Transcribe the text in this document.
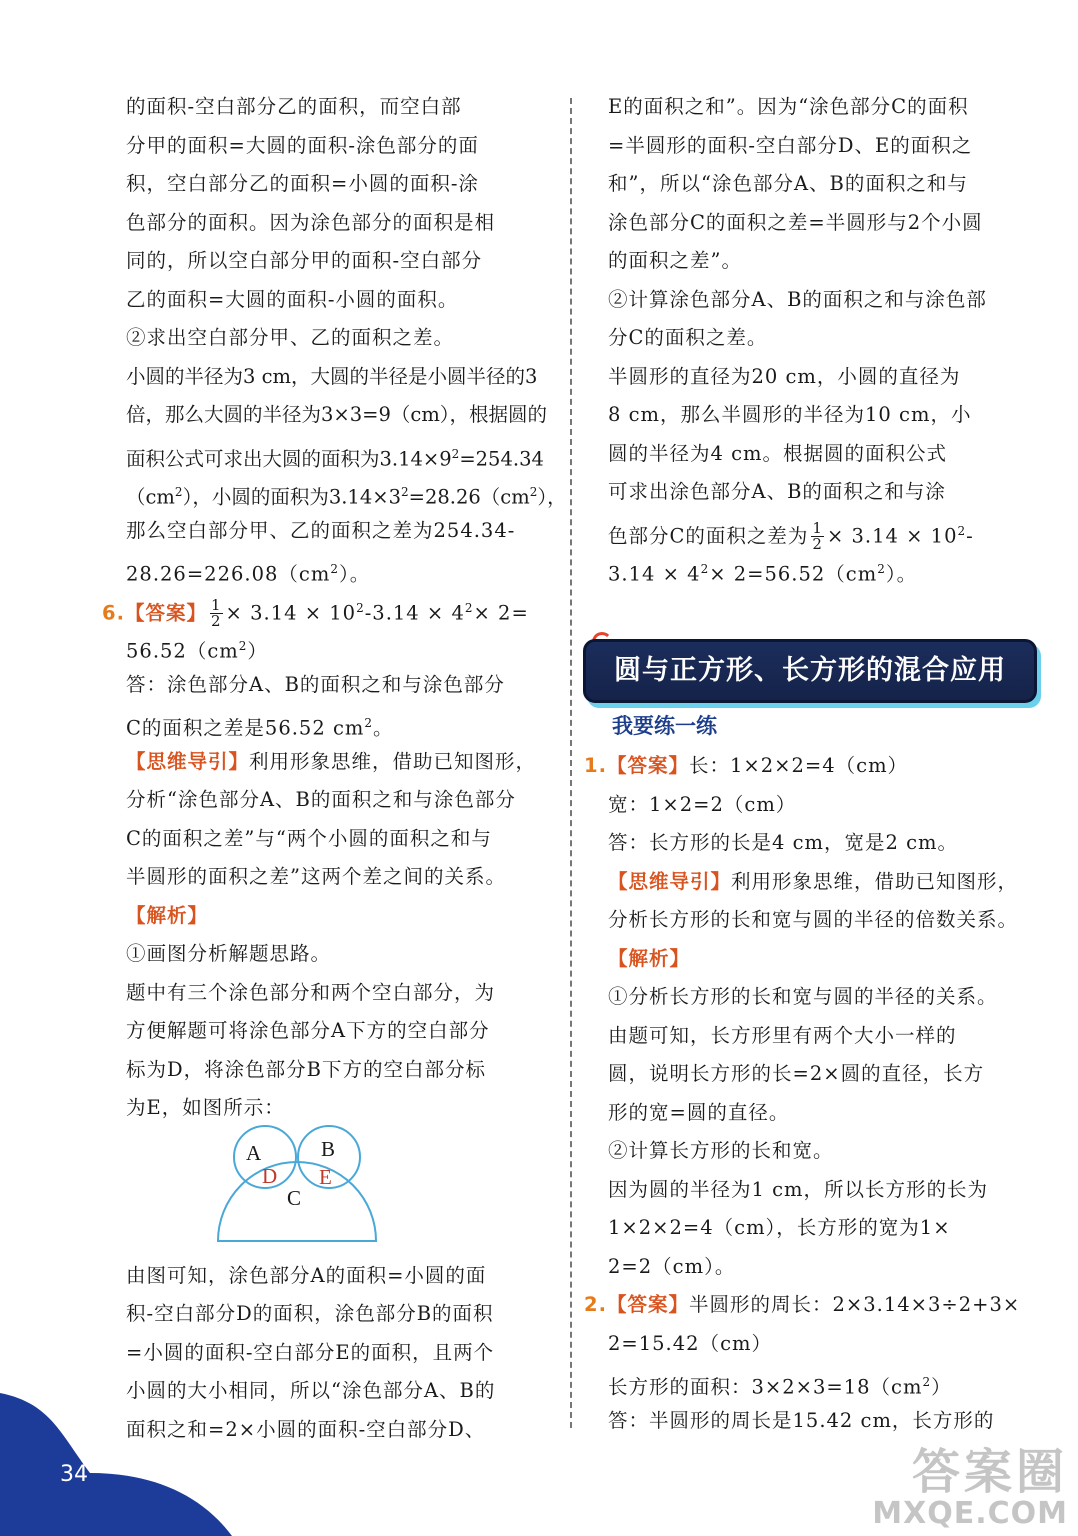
的面积-空白部分乙的面积，而空白部
分甲的面积=大圆的面积-涂色部分的面
积，空白部分乙的面积=小圆的面积-涂
色部分的面积。因为涂色部分的面积是相
同的，所以空白部分甲的面积-空白部分
乙的面积=大圆的面积-小圆的面积。
②求出空白部分甲、乙的面积之差。
小圆的半径为3 cm，大圆的半径是小圆半径的3
倍，那么大圆的半径为3×3=9（cm），根据圆的
面积公式可求出大圆的面积为$3.14\times 9^2=254.34$
$(cm^2)$，小圆的面积为$3.14\times 3^2=28.26(cm^2)$，
那么空白部分甲、乙的面积之差为254.34-
$28.26=226.08(cm^2)$。
6.【答案】 $\frac{1}{2} \times 3.14 \times 10^2-3.14 \times 4^2\times 2=$
$56.52(cm^2)$
答：涂色部分A、B的面积之和与涂色部分
C的面积之差是56.52 $cm^2$。
【思维导引】利用形象思维，借助已知图形，
分析“涂色部分A、B的面积之和与涂色部分
C的面积之差”与“两个小圆的面积之和与
半圆形的面积之差”这两个差之间的关系。
【解析】
①画图分析解题思路。
题中有三个涂色部分和两个空白部分，为
方便解题可将涂色部分A下方的空白部分
标为D，将涂色部分B下方的空白部分标
为E，如图所示：
由图可知，涂色部分A的面积=小圆的面
积-空白部分D的面积，涂色部分B的面积
=小圆的面积-空白部分E的面积，且两个
小圆的大小相同，所以“涂色部分A、B的
面积之和=2×小圆的面积-空白部分D、
A	B
D E
C
E的面积之和”。因为“涂色部分C的面积
=半圆形的面积-空白部分D、E的面积之
和”，所以“涂色部分A、B的面积之和与
涂色部分C的面积之差=半圆形与2个小圆
的面积之差”。
②计算涂色部分A、B的面积之和与涂色部
分C的面积之差。
半圆形的直径为20 cm，小圆的直径为
8 cm，那么半圆形的半径为10 cm，小
圆的半径为4 cm。根据圆的面积公式
可求出涂色部分A、B的面积之和与涂
色部分C的面积之差为 $\frac{1}{2} \times 3.14 \times 10^2-$
$3.14 \times 4^2\times 2=56.52(cm^2)$。
圆与正方形、长方形的混合应用
我要练一练
1.【答案】长：1×2×2=4（cm）
宽：1×2=2（cm）
答：长方形的长是4 cm，宽是2 cm。
【思维导引】利用形象思维，借助已知图形，
分析长方形的长和宽与圆的半径的倍数关系。
【解析】
①分析长方形的长和宽与圆的半径的关系。
由题可知，长方形里有两个大小一样的
圆，说明长方形的长=2×圆的直径，长方
形的宽=圆的直径。
②计算长方形的长和宽。
因为圆的半径为1 cm，所以长方形的长为
1×2×2=4（cm），长方形的宽为1×
2=2（cm）。
2.【答案】半圆形的周长：2×3.14×3÷2+3×
2=15.42（cm）
长方形的面积：$3\times 2\times 3=18(cm^2)$
答：半圆形的周长是15.42 cm，长方形的
34	答案圈
MXQE.COM
